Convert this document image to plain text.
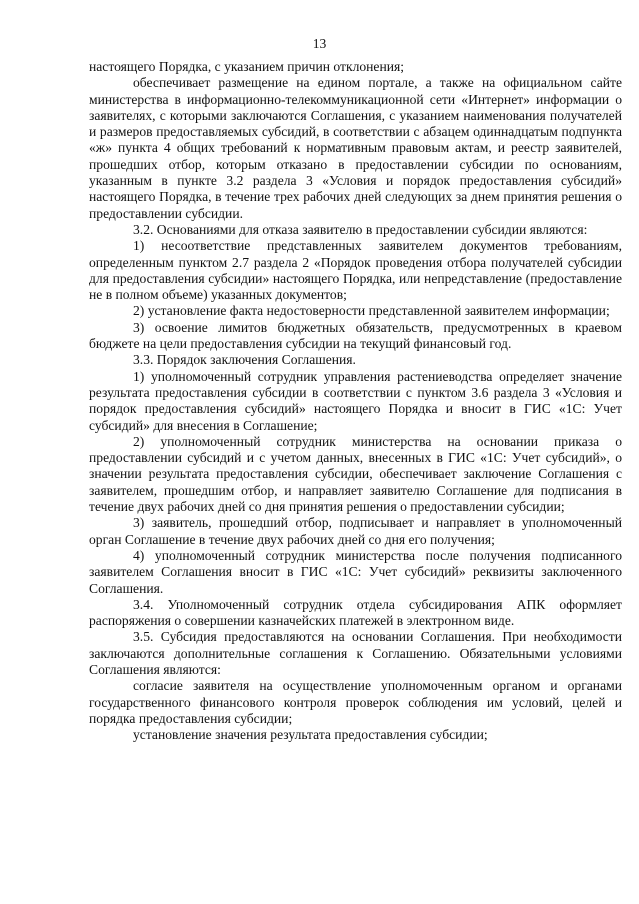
13

настоящего Порядка, с указанием причин отклонения;

обеспечивает размещение на едином портале, а также на официальном сайте министерства в информационно-телекоммуникационной сети «Интернет» информации о заявителях, с которыми заключаются Соглашения, с указанием наименования получателей и размеров предоставляемых субсидий, в соответствии с абзацем одиннадцатым подпункта «ж» пункта 4 общих требований к нормативным правовым актам, и реестр заявителей, прошедших отбор, которым отказано в предоставлении субсидии по основаниям, указанным в пункте 3.2 раздела 3 «Условия и порядок предоставления субсидий» настоящего Порядка, в течение трех рабочих дней следующих за днем принятия решения о предоставлении субсидии.

3.2. Основаниями для отказа заявителю в предоставлении субсидии являются:

1) несоответствие представленных заявителем документов требованиям, определенным пунктом 2.7 раздела 2 «Порядок проведения отбора получателей субсидии для предоставления субсидии» настоящего Порядка, или непредставление (предоставление не в полном объеме) указанных документов;

2) установление факта недостоверности представленной заявителем информации;

3) освоение лимитов бюджетных обязательств, предусмотренных в краевом бюджете на цели предоставления субсидии на текущий финансовый год.

3.3. Порядок заключения Соглашения.

1) уполномоченный сотрудник управления растениеводства определяет значение результата предоставления субсидии в соответствии с пунктом 3.6 раздела 3 «Условия и порядок предоставления субсидий» настоящего Порядка и вносит в ГИС «1С: Учет субсидий» для внесения в Соглашение;

2) уполномоченный сотрудник министерства на основании приказа о предоставлении субсидий и с учетом данных, внесенных в ГИС «1С: Учет субсидий», о значении результата предоставления субсидии, обеспечивает заключение Соглашения с заявителем, прошедшим отбор, и направляет заявителю Соглашение для подписания в течение двух рабочих дней со дня принятия решения о предоставлении субсидии;

3) заявитель, прошедший отбор, подписывает и направляет в уполномоченный орган Соглашение в течение двух рабочих дней со дня его получения;

4) уполномоченный сотрудник министерства после получения подписанного заявителем Соглашения вносит в ГИС «1С: Учет субсидий» реквизиты заключенного Соглашения.

3.4. Уполномоченный сотрудник отдела субсидирования АПК оформляет распоряжения о совершении казначейских платежей в электронном виде.

3.5. Субсидия предоставляются на основании Соглашения. При необходимости заключаются дополнительные соглашения к Соглашению. Обязательными условиями Соглашения являются:

согласие заявителя на осуществление уполномоченным органом и органами государственного финансового контроля проверок соблюдения им условий, целей и порядка предоставления субсидии;

установление значения результата предоставления субсидии;
